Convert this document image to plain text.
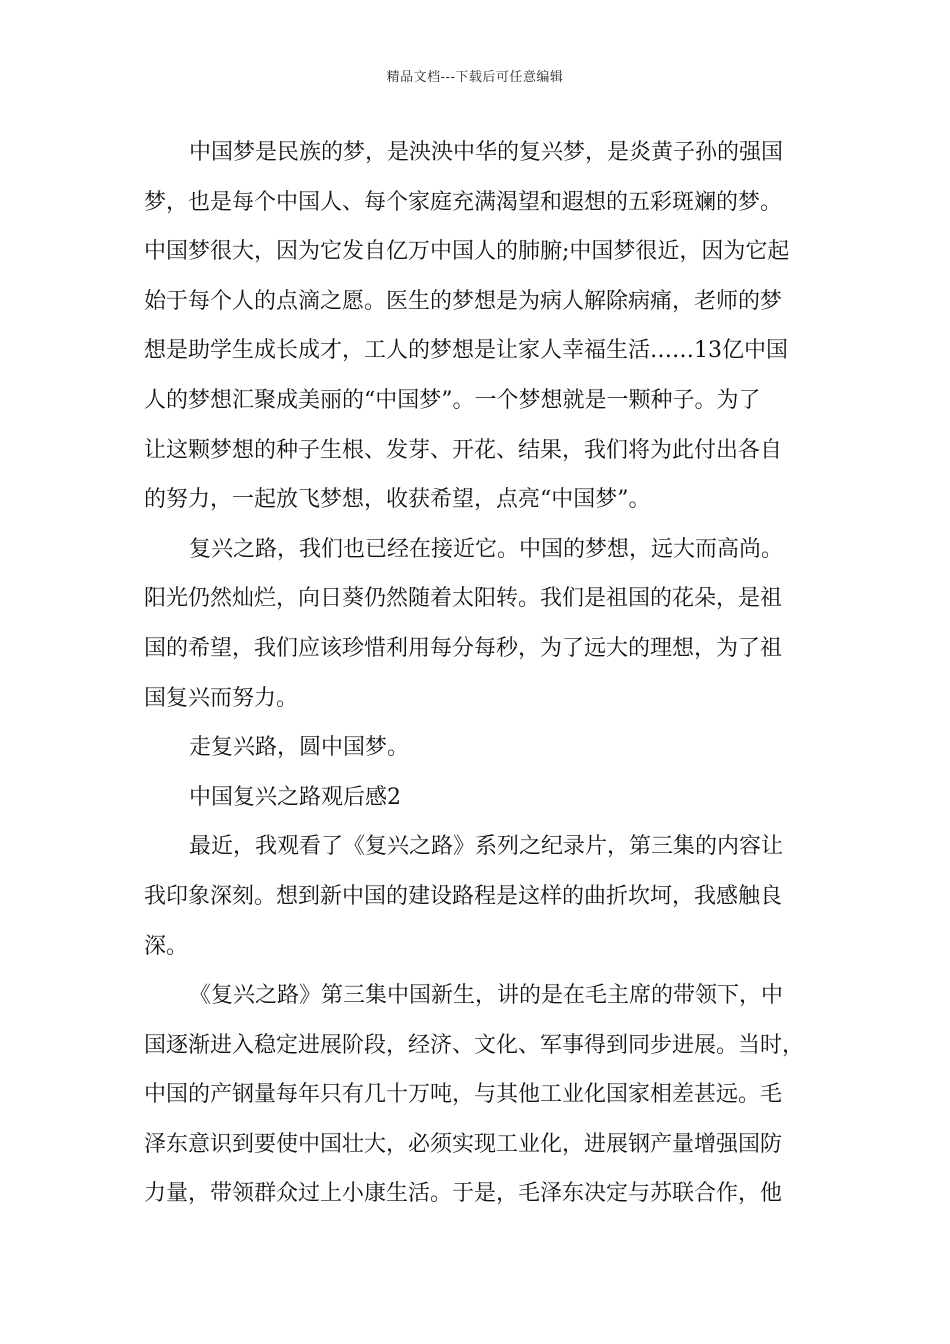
精品文档---下载后可任意编辑
中国梦是民族的梦，是泱泱中华的复兴梦，是炎黄子孙的强国
梦，也是每个中国人、每个家庭充满渴望和遐想的五彩斑斓的梦。
中国梦很大，因为它发自亿万中国人的肺腑;中国梦很近，因为它起
始于每个人的点滴之愿。医生的梦想是为病人解除病痛，老师的梦
想是助学生成长成才，工人的梦想是让家人幸福生活……13亿中国
人的梦想汇聚成美丽的“中国梦”。一个梦想就是一颗种子。为了
让这颗梦想的种子生根、发芽、开花、结果，我们将为此付出各自
的努力，一起放飞梦想，收获希望，点亮“中国梦”。
复兴之路，我们也已经在接近它。中国的梦想，远大而高尚。
阳光仍然灿烂，向日葵仍然随着太阳转。我们是祖国的花朵，是祖
国的希望，我们应该珍惜利用每分每秒，为了远大的理想，为了祖
国复兴而努力。
走复兴路，圆中国梦。
中国复兴之路观后感2
最近，我观看了《复兴之路》系列之纪录片，第三集的内容让
我印象深刻。想到新中国的建设路程是这样的曲折坎坷，我感触良
深。
《复兴之路》第三集中国新生，讲的是在毛主席的带领下，中
国逐渐进入稳定进展阶段，经济、文化、军事得到同步进展。当时，
中国的产钢量每年只有几十万吨，与其他工业化国家相差甚远。毛
泽东意识到要使中国壮大，必须实现工业化，进展钢产量增强国防
力量，带领群众过上小康生活。于是，毛泽东决定与苏联合作，他
